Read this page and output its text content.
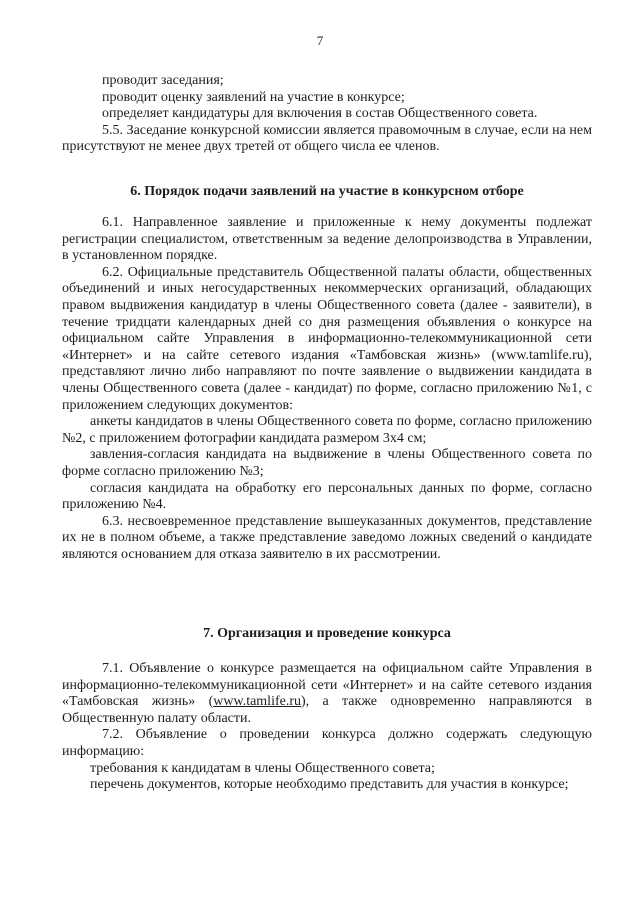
7

проводит заседания;

проводит оценку заявлений на участие в конкурсе;

определяет кандидатуры для включения в состав Общественного совета.

5.5. Заседание конкурсной комиссии является правомочным в случае, если на нем присутствуют не менее двух третей от общего числа ее членов.

6. Порядок подачи заявлений на участие в конкурсном отборе

6.1. Направленное заявление и приложенные к нему документы подлежат регистрации специалистом, ответственным за ведение делопроизводства в Управлении, в установленном порядке.

6.2. Официальные представитель Общественной палаты области, общественных объединений и иных негосударственных некоммерческих организаций, обладающих правом выдвижения кандидатур в члены Общественного совета (далее - заявители), в течение тридцати календарных дней со дня размещения объявления о конкурсе на официальном сайте Управления в информационно-телекоммуникационной сети «Интернет» и на сайте сетевого издания «Тамбовская жизнь» (www.tamlife.ru), представляют лично либо направляют по почте заявление о выдвижении кандидата в члены Общественного совета (далее - кандидат) по форме, согласно приложению №1, с приложением следующих документов:

анкеты кандидатов в члены Общественного совета по форме, согласно приложению №2, с приложением фотографии кандидата размером 3х4 см;

завления-согласия кандидата на выдвижение в члены Общественного совета по форме согласно приложению №3;

согласия кандидата на обработку его персональных данных по форме, согласно приложению №4.

6.3. несвоевременное представление вышеуказанных документов, представление их не в полном объеме, а также представление заведомо ложных сведений о кандидате являются основанием для отказа заявителю в их рассмотрении.

7. Организация и проведение конкурса

7.1. Объявление о конкурсе размещается на официальном сайте Управления в информационно-телекоммуникационной сети «Интернет» и на сайте сетевого издания «Тамбовская жизнь» (www.tamlife.ru), а также одновременно направляются в Общественную палату области.

7.2. Объявление о проведении конкурса должно содержать следующую информацию:

требования к кандидатам в члены Общественного совета;

перечень документов, которые необходимо представить для участия в конкурсе;
